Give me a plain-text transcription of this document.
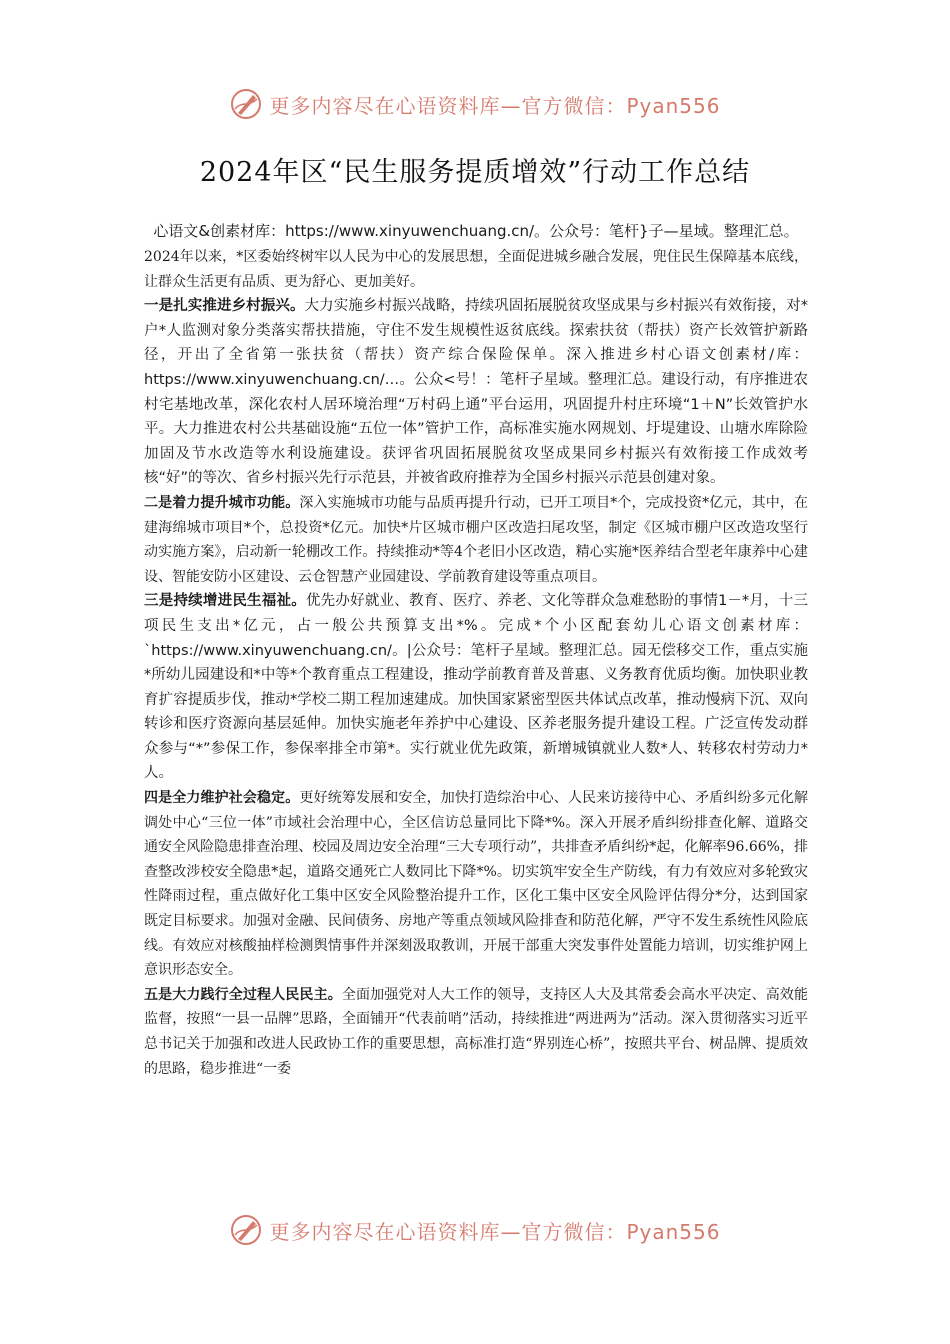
更多内容尽在心语资料库—官方微信：Pyan556
2024年区“民生服务提质增效”行动工作总结

心语文&创素材库：https://www.xinyuwenchuang.cn/。公众号：笔杆}子—星域。整理汇总。

2024年以来，*区委始终树牢以人民为中心的发展思想，全面促进城乡融合发展，兜住民生保障基本底线，让群众生活更有品质、更为舒心、更加美好。

一是扎实推进乡村振兴。大力实施乡村振兴战略，持续巩固拓展脱贫攻坚成果与乡村振兴有效衔接，对*户*人监测对象分类落实帮扶措施，守住不发生规模性返贫底线。探索扶贫（帮扶）资产长效管护新路径，开出了全省第一张扶贫（帮扶）资产综合保险保单。深入推进乡村心语文创素材/库：https://www.xinyuwenchuang.cn/…。公众<号！：笔杆子星域。整理汇总。建设行动，有序推进农村宅基地改革，深化农村人居环境治理“万村码上通”平台运用，巩固提升村庄环境“1＋N”长效管护水平。大力推进农村公共基础设施“五位一体”管护工作，高标准实施水网规划、圩堤建设、山塘水库除险加固及节水改造等水利设施建设。获评省巩固拓展脱贫攻坚成果同乡村振兴有效衔接工作成效考核“好”的等次、省乡村振兴先行示范县，并被省政府推荐为全国乡村振兴示范县创建对象。

二是着力提升城市功能。深入实施城市功能与品质再提升行动，已开工项目*个，完成投资*亿元，其中，在建海绵城市项目*个，总投资*亿元。加快*片区城市棚户区改造扫尾攻坚，制定《区城市棚户区改造攻坚行动实施方案》，启动新一轮棚改工作。持续推动*等4个老旧小区改造，精心实施*医养结合型老年康养中心建设、智能安防小区建设、云仓智慧产业园建设、学前教育建设等重点项目。

三是持续增进民生福祉。优先办好就业、教育、医疗、养老、文化等群众急难愁盼的事情1－*月，十三项民生支出*亿元，占一般公共预算支出*%。完成*个小区配套幼儿心语文创素材库：`https://www.xinyuwenchuang.cn/。|公众号：笔杆子星域。整理汇总。园无偿移交工作，重点实施*所幼儿园建设和*中等*个教育重点工程建设，推动学前教育普及普惠、义务教育优质均衡。加快职业教育扩容提质步伐，推动*学校二期工程加速建成。加快国家紧密型医共体试点改革，推动慢病下沉、双向转诊和医疗资源向基层延伸。加快实施老年养护中心建设、区养老服务提升建设工程。广泛宣传发动群众参与“*”参保工作，参保率排全市第*。实行就业优先政策，新增城镇就业人数*人、转移农村劳动力*人。

四是全力维护社会稳定。更好统筹发展和安全，加快打造综治中心、人民来访接待中心、矛盾纠纷多元化解调处中心“三位一体”市域社会治理中心，全区信访总量同比下降*%。深入开展矛盾纠纷排查化解、道路交通安全风险隐患排查治理、校园及周边安全治理“三大专项行动”，共排查矛盾纠纷*起，化解率96.66%，排查整改涉校安全隐患*起，道路交通死亡人数同比下降*%。切实筑牢安全生产防线，有力有效应对多轮致灾性降雨过程，重点做好化工集中区安全风险整治提升工作，区化工集中区安全风险评估得分*分，达到国家既定目标要求。加强对金融、民间债务、房地产等重点领域风险排查和防范化解，严守不发生系统性风险底线。有效应对核酸抽样检测舆情事件并深刻汲取教训，开展干部重大突发事件处置能力培训，切实维护网上意识形态安全。

五是大力践行全过程人民民主。全面加强党对人大工作的领导，支持区人大及其常委会高水平决定、高效能监督，按照“一县一品牌”思路，全面铺开“代表前哨”活动，持续推进“两进两为”活动。深入贯彻落实习近平总书记关于加强和改进人民政协工作的重要思想，高标准打造“界别连心桥”，按照共平台、树品牌、提质效的思路，稳步推进“一委

更多内容尽在心语资料库—官方微信：Pyan556
